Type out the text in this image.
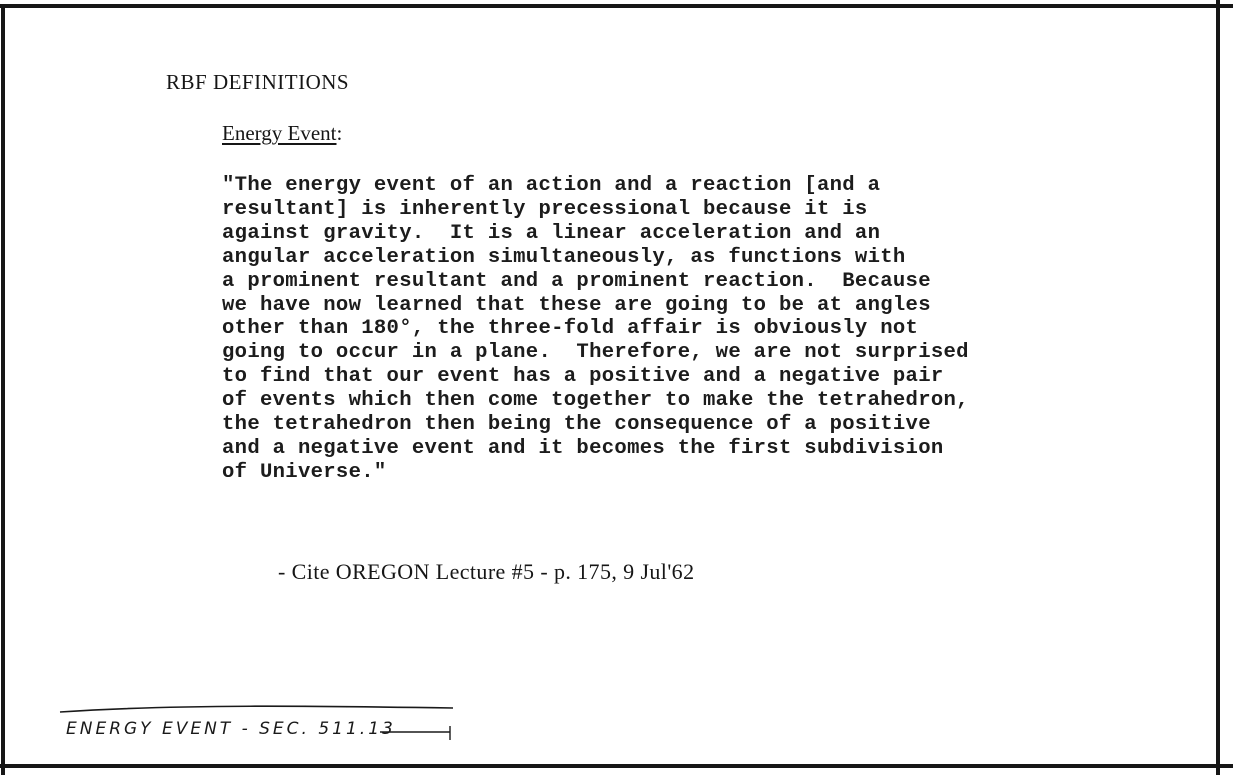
RBF DEFINITIONS
Energy Event:
"The energy event of an action and a reaction [and a
resultant] is inherently precessional because it is
against gravity.  It is a linear acceleration and an
angular acceleration simultaneously, as functions with
a prominent resultant and a prominent reaction.  Because
we have now learned that these are going to be at angles
other than 180°, the three-fold affair is obviously not
going to occur in a plane.  Therefore, we are not surprised
to find that our event has a positive and a negative pair
of events which then come together to make the tetrahedron,
the tetrahedron then being the consequence of a positive
and a negative event and it becomes the first subdivision
of Universe."
- Cite OREGON Lecture #5 - p. 175, 9 Jul'62
ENERGY EVENT - SEC. 511.13
